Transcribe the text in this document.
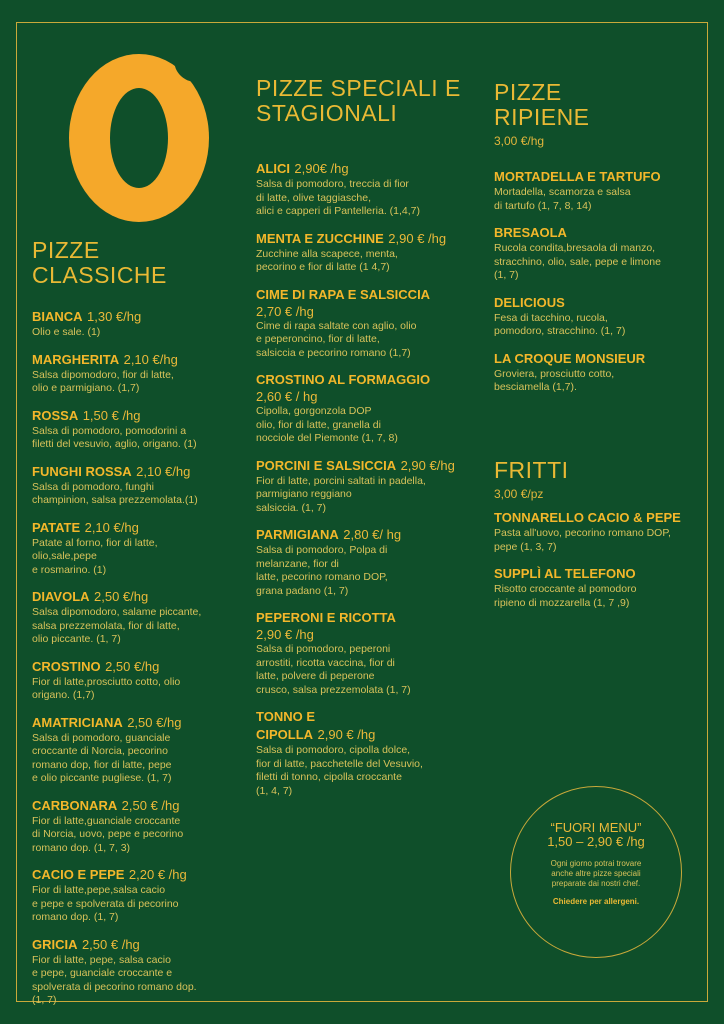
PIZZE
CLASSICHE
BIANCA 1,30 €/hg
Olio e sale. (1)
MARGHERITA 2,10 €/hg
Salsa dipomodoro, fior di latte,
olio e parmigiano. (1,7)
ROSSA 1,50 € /hg
Salsa di pomodoro, pomodorini a
filetti del vesuvio, aglio, origano. (1)
FUNGHI ROSSA 2,10 €/hg
Salsa di pomodoro, funghi
champinion, salsa prezzemolata.(1)
PATATE 2,10 €/hg
Patate al forno, fior di latte,
olio,sale,pepe
e rosmarino. (1)
DIAVOLA 2,50 €/hg
Salsa dipomodoro, salame piccante,
salsa prezzemolata, fior di latte,
olio piccante. (1, 7)
CROSTINO 2,50 €/hg
Fior di latte,prosciutto cotto, olio
origano. (1,7)
AMATRICIANA 2,50 €/hg
Salsa di pomodoro, guanciale
croccante di Norcia, pecorino
romano dop, fior di latte, pepe
e olio piccante pugliese. (1, 7)
CARBONARA 2,50 € /hg
Fior di latte,guanciale croccante
di Norcia, uovo, pepe e pecorino
romano dop. (1, 7, 3)
CACIO E PEPE 2,20 € /hg
Fior di latte,pepe,salsa cacio
e pepe e spolverata di pecorino
romano dop. (1, 7)
GRICIA 2,50 € /hg
Fior di latte, pepe, salsa cacio
e pepe, guanciale croccante e
spolverata di pecorino romano dop.
(1, 7)
PIZZE SPECIALI E
STAGIONALI
ALICI 2,90€ /hg
Salsa di pomodoro, treccia di fior
di latte, olive taggiasche,
alici e capperi di Pantelleria. (1,4,7)
MENTA E ZUCCHINE 2,90 € /hg
Zucchine alla scapece, menta,
pecorino e fior di latte (1 4,7)
CIME DI RAPA E SALSICCIA
2,70 € /hg
Cime di rapa saltate con aglio, olio
e peperoncino, fior di latte,
salsiccia e pecorino romano (1,7)
CROSTINO AL FORMAGGIO
2,60 € / hg
Cipolla, gorgonzola DOP
olio, fior di latte, granella di
nocciole del Piemonte (1, 7, 8)
PORCINI E SALSICCIA 2,90 €/hg
Fior di latte, porcini saltati in padella,
parmigiano reggiano
salsiccia. (1, 7)
PARMIGIANA 2,80 €/ hg
Salsa di pomodoro, Polpa di
melanzane, fior di
latte, pecorino romano DOP,
grana padano (1, 7)
PEPERONI E RICOTTA
2,90 € /hg
Salsa di pomodoro, peperoni
arrostiti, ricotta vaccina, fior di
latte, polvere di peperone
crusco, salsa prezzemolata (1, 7)
TONNO E
CIPOLLA 2,90 € /hg
Salsa di pomodoro, cipolla dolce,
fior di latte, pacchetelle del Vesuvio,
filetti di tonno, cipolla croccante
(1, 4, 7)
PIZZE
RIPIENE
3,00 €/hg
MORTADELLA E TARTUFO
Mortadella, scamorza e salsa
di tartufo (1, 7, 8, 14)
BRESAOLA
Rucola condita,bresaola di manzo,
stracchino, olio, sale, pepe e limone
(1, 7)
DELICIOUS
Fesa di tacchino, rucola,
pomodoro, stracchino. (1, 7)
LA CROQUE MONSIEUR
Groviera, prosciutto cotto,
besciamella (1,7).
FRITTI
3,00 €/pz
TONNARELLO CACIO & PEPE
Pasta all'uovo, pecorino romano DOP,
pepe (1, 3, 7)
SUPPLÌ AL TELEFONO
Risotto croccante al pomodoro
ripieno di mozzarella (1, 7 ,9)
“FUORI MENU”
1,50 – 2,90 € /hg
Ogni giorno potrai trovare anche altre pizze speciali preparate dai nostri chef.
Chiedere per allergeni.
